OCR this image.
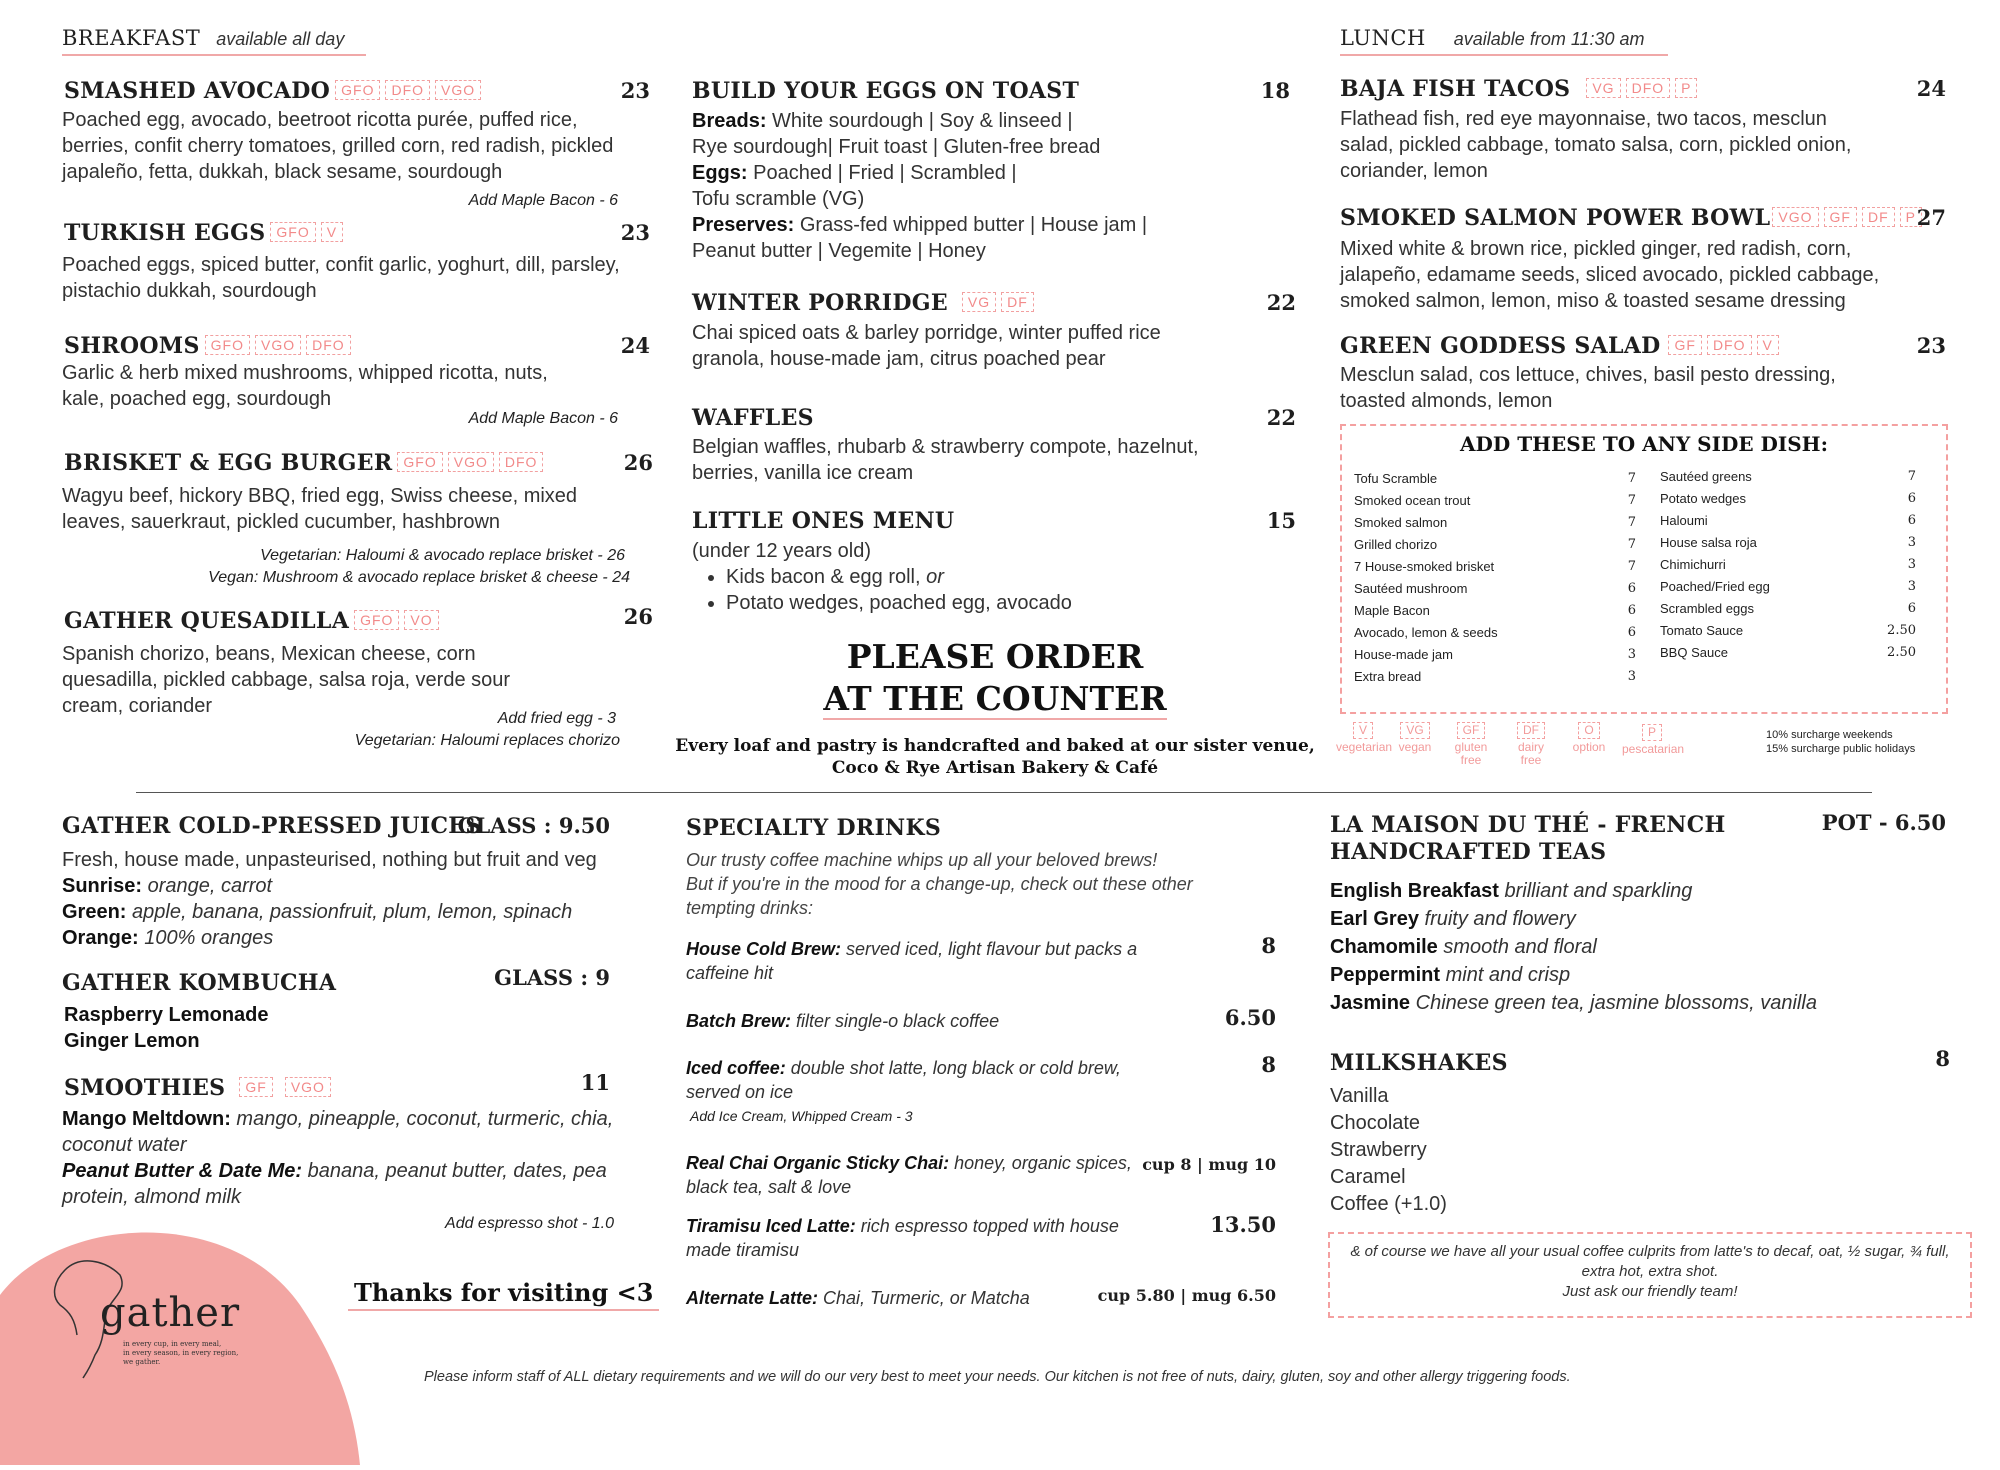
gather
in every cup, in every meal,
in every season, in every region,
we gather.
BREAKFAST available all day
SMASHED AVOCADO GFO DFO VGO	23
Poached egg, avocado, beetroot ricotta purée, puffed rice, berries, confit cherry tomatoes, grilled corn, red radish, pickled japaleño, fetta, dukkah, black sesame, sourdough
Add Maple Bacon - 6
TURKISH EGGS GFO V	23
Poached eggs, spiced butter, confit garlic, yoghurt, dill, parsley, pistachio dukkah, sourdough
SHROOMS GFO VGO DFO	24
Garlic & herb mixed mushrooms, whipped ricotta, nuts, kale, poached egg, sourdough
Add Maple Bacon - 6
BRISKET & EGG BURGER GFO VGO DFO	26
Wagyu beef, hickory BBQ, fried egg, Swiss cheese, mixed leaves, sauerkraut, pickled cucumber, hashbrown
Vegetarian: Haloumi & avocado replace brisket - 26
Vegan: Mushroom & avocado replace brisket & cheese - 24
GATHER QUESADILLA GFO VO	26
Spanish chorizo, beans, Mexican cheese, corn quesadilla, pickled cabbage, salsa roja, verde sour cream, coriander
Add fried egg - 3
Vegetarian: Haloumi replaces chorizo
BUILD YOUR EGGS ON TOAST	18
Breads: White sourdough | Soy & linseed |
Rye sourdough| Fruit toast | Gluten-free bread
Eggs: Poached | Fried | Scrambled |
Tofu scramble (VG)
Preserves: Grass-fed whipped butter | House jam |
Peanut butter | Vegemite | Honey
WINTER PORRIDGE VG DF	22
Chai spiced oats & barley porridge, winter puffed rice granola, house-made jam, citrus poached pear
WAFFLES	22
Belgian waffles, rhubarb & strawberry compote, hazelnut, berries, vanilla ice cream
LITTLE ONES MENU	15
(under 12 years old)
• Kids bacon & egg roll, or
• Potato wedges, poached egg, avocado
PLEASE ORDER
AT THE COUNTER
Every loaf and pastry is handcrafted and baked at our sister venue,
Coco & Rye Artisan Bakery & Café
LUNCH available from 11:30 am
BAJA FISH TACOS VG DFO P	24
Flathead fish, red eye mayonnaise, two tacos, mesclun salad, pickled cabbage, tomato salsa, corn, pickled onion, coriander, lemon
SMOKED SALMON POWER BOWL VGO GF DF P 27
Mixed white & brown rice, pickled ginger, red radish, corn, jalapeño, edamame seeds, sliced avocado, pickled cabbage, smoked salmon, lemon, miso & toasted sesame dressing
GREEN GODDESS SALAD GF DFO V	23
Mesclun salad, cos lettuce, chives, basil pesto dressing, toasted almonds, lemon
ADD THESE TO ANY SIDE DISH:
Tofu Scramble	7
Smoked ocean trout	7
Smoked salmon	7
Grilled chorizo	7
7 House-smoked brisket	7
Sautéed mushroom	6
Maple Bacon	6
Avocado, lemon & seeds	6
House-made jam	3
Extra bread	3
Sautéed greens	7
Potato wedges	6
Haloumi	6
House salsa roja	3
Chimichurri	3
Poached/Fried egg	3
Scrambled eggs	6
Tomato Sauce	2.50
BBQ Sauce	2.50
V
vegetarian
VG
vegan
GF
gluten free
DF
dairy free
O
option
P
pescatarian
10% surcharge weekends
15% surcharge public holidays
GATHER COLD-PRESSED JUICES
GLASS : 9.50
Fresh, house made, unpasteurised, nothing but fruit and veg
Sunrise: orange, carrot
Green: apple, banana, passionfruit, plum, lemon, spinach
Orange: 100% oranges
GATHER KOMBUCHA	GLASS : 9
Raspberry Lemonade
Ginger Lemon
SMOOTHIES GF VGO	11
Mango Meltdown: mango, pineapple, coconut, turmeric, chia, coconut water
Peanut Butter & Date Me: banana, peanut butter, dates, pea protein, almond milk
Add espresso shot - 1.0
Thanks for visiting <3
SPECIALTY DRINKS
Our trusty coffee machine whips up all your beloved brews!
But if you're in the mood for a change-up, check out these other tempting drinks:
House Cold Brew: served iced, light flavour but packs a caffeine hit
8
Batch Brew: filter single-o black coffee	6.50
Iced coffee: double shot latte, long black or cold brew, served on ice
8
Add Ice Cream, Whipped Cream - 3
Real Chai Organic Sticky Chai: honey, organic spices, black tea, salt & love
cup 8 | mug 10
Tiramisu Iced Latte: rich espresso topped with house made tiramisu
13.50
Alternate Latte: Chai, Turmeric, or Matcha	cup 5.80 | mug 6.50
LA MAISON DU THÉ - FRENCH
HANDCRAFTED TEAS
POT - 6.50
English Breakfast brilliant and sparkling
Earl Grey fruity and flowery
Chamomile smooth and floral
Peppermint mint and crisp
Jasmine Chinese green tea, jasmine blossoms, vanilla
MILKSHAKES	8
Vanilla
Chocolate
Strawberry
Caramel
Coffee (+1.0)
& of course we have all your usual coffee culprits from latte's to decaf, oat, ½ sugar, ¾ full, extra hot, extra shot.
Just ask our friendly team!
Please inform staff of ALL dietary requirements and we will do our very best to meet your needs. Our kitchen is not free of nuts, dairy, gluten, soy and other allergy triggering foods.
